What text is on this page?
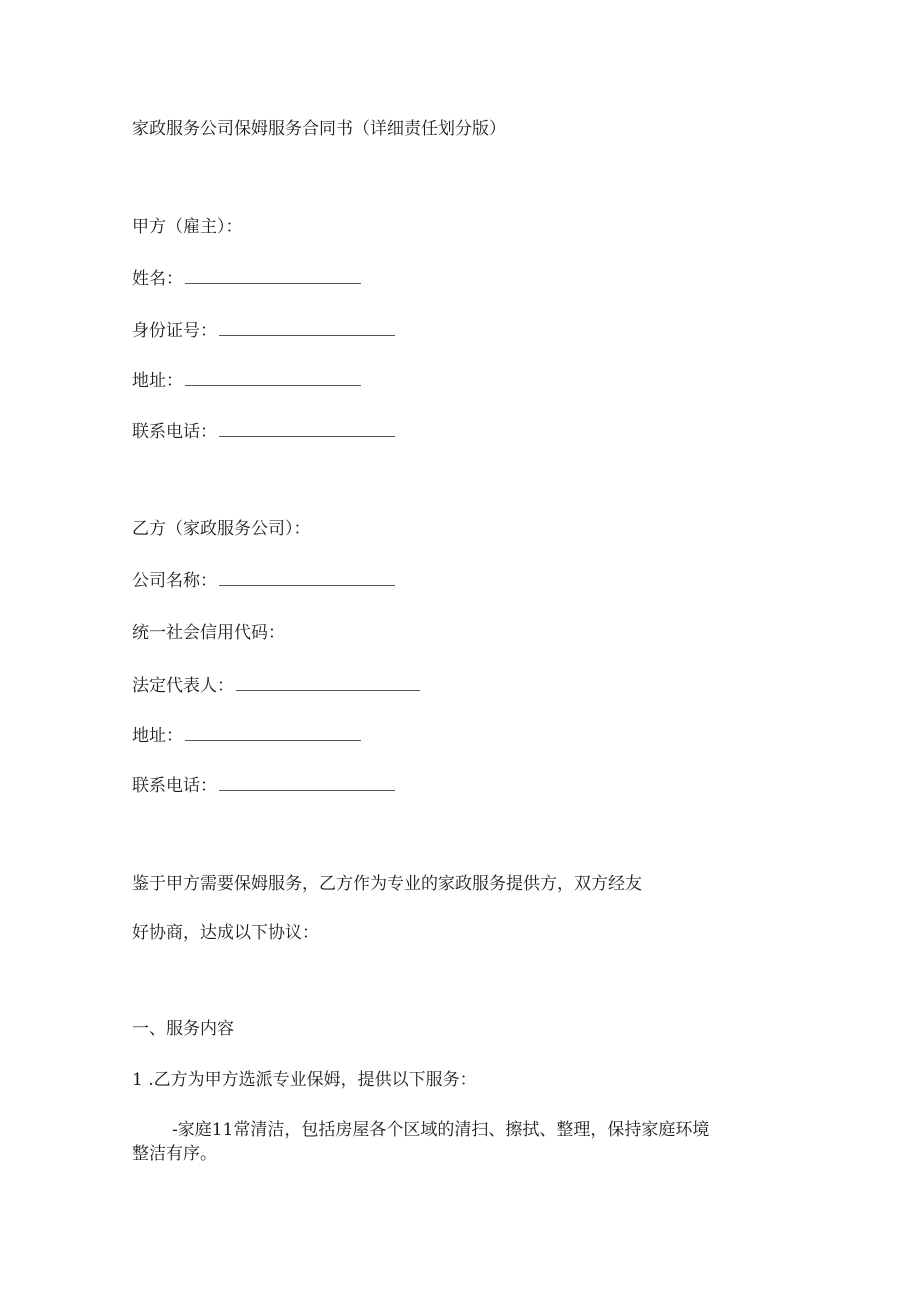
家政服务公司保姆服务合同书（详细责任划分版）
甲方（雇主）：
姓名：
身份证号：
地址：
联系电话：
乙方（家政服务公司）：
公司名称：
统一社会信用代码：
法定代表人：
地址：
联系电话：
鉴于甲方需要保姆服务，乙方作为专业的家政服务提供方，双方经友
好协商，达成以下协议：
一、服务内容
1 .乙方为甲方选派专业保姆，提供以下服务：
-家庭11常清洁，包括房屋各个区域的清扫、擦拭、整理，保持家庭环境
整洁有序。
